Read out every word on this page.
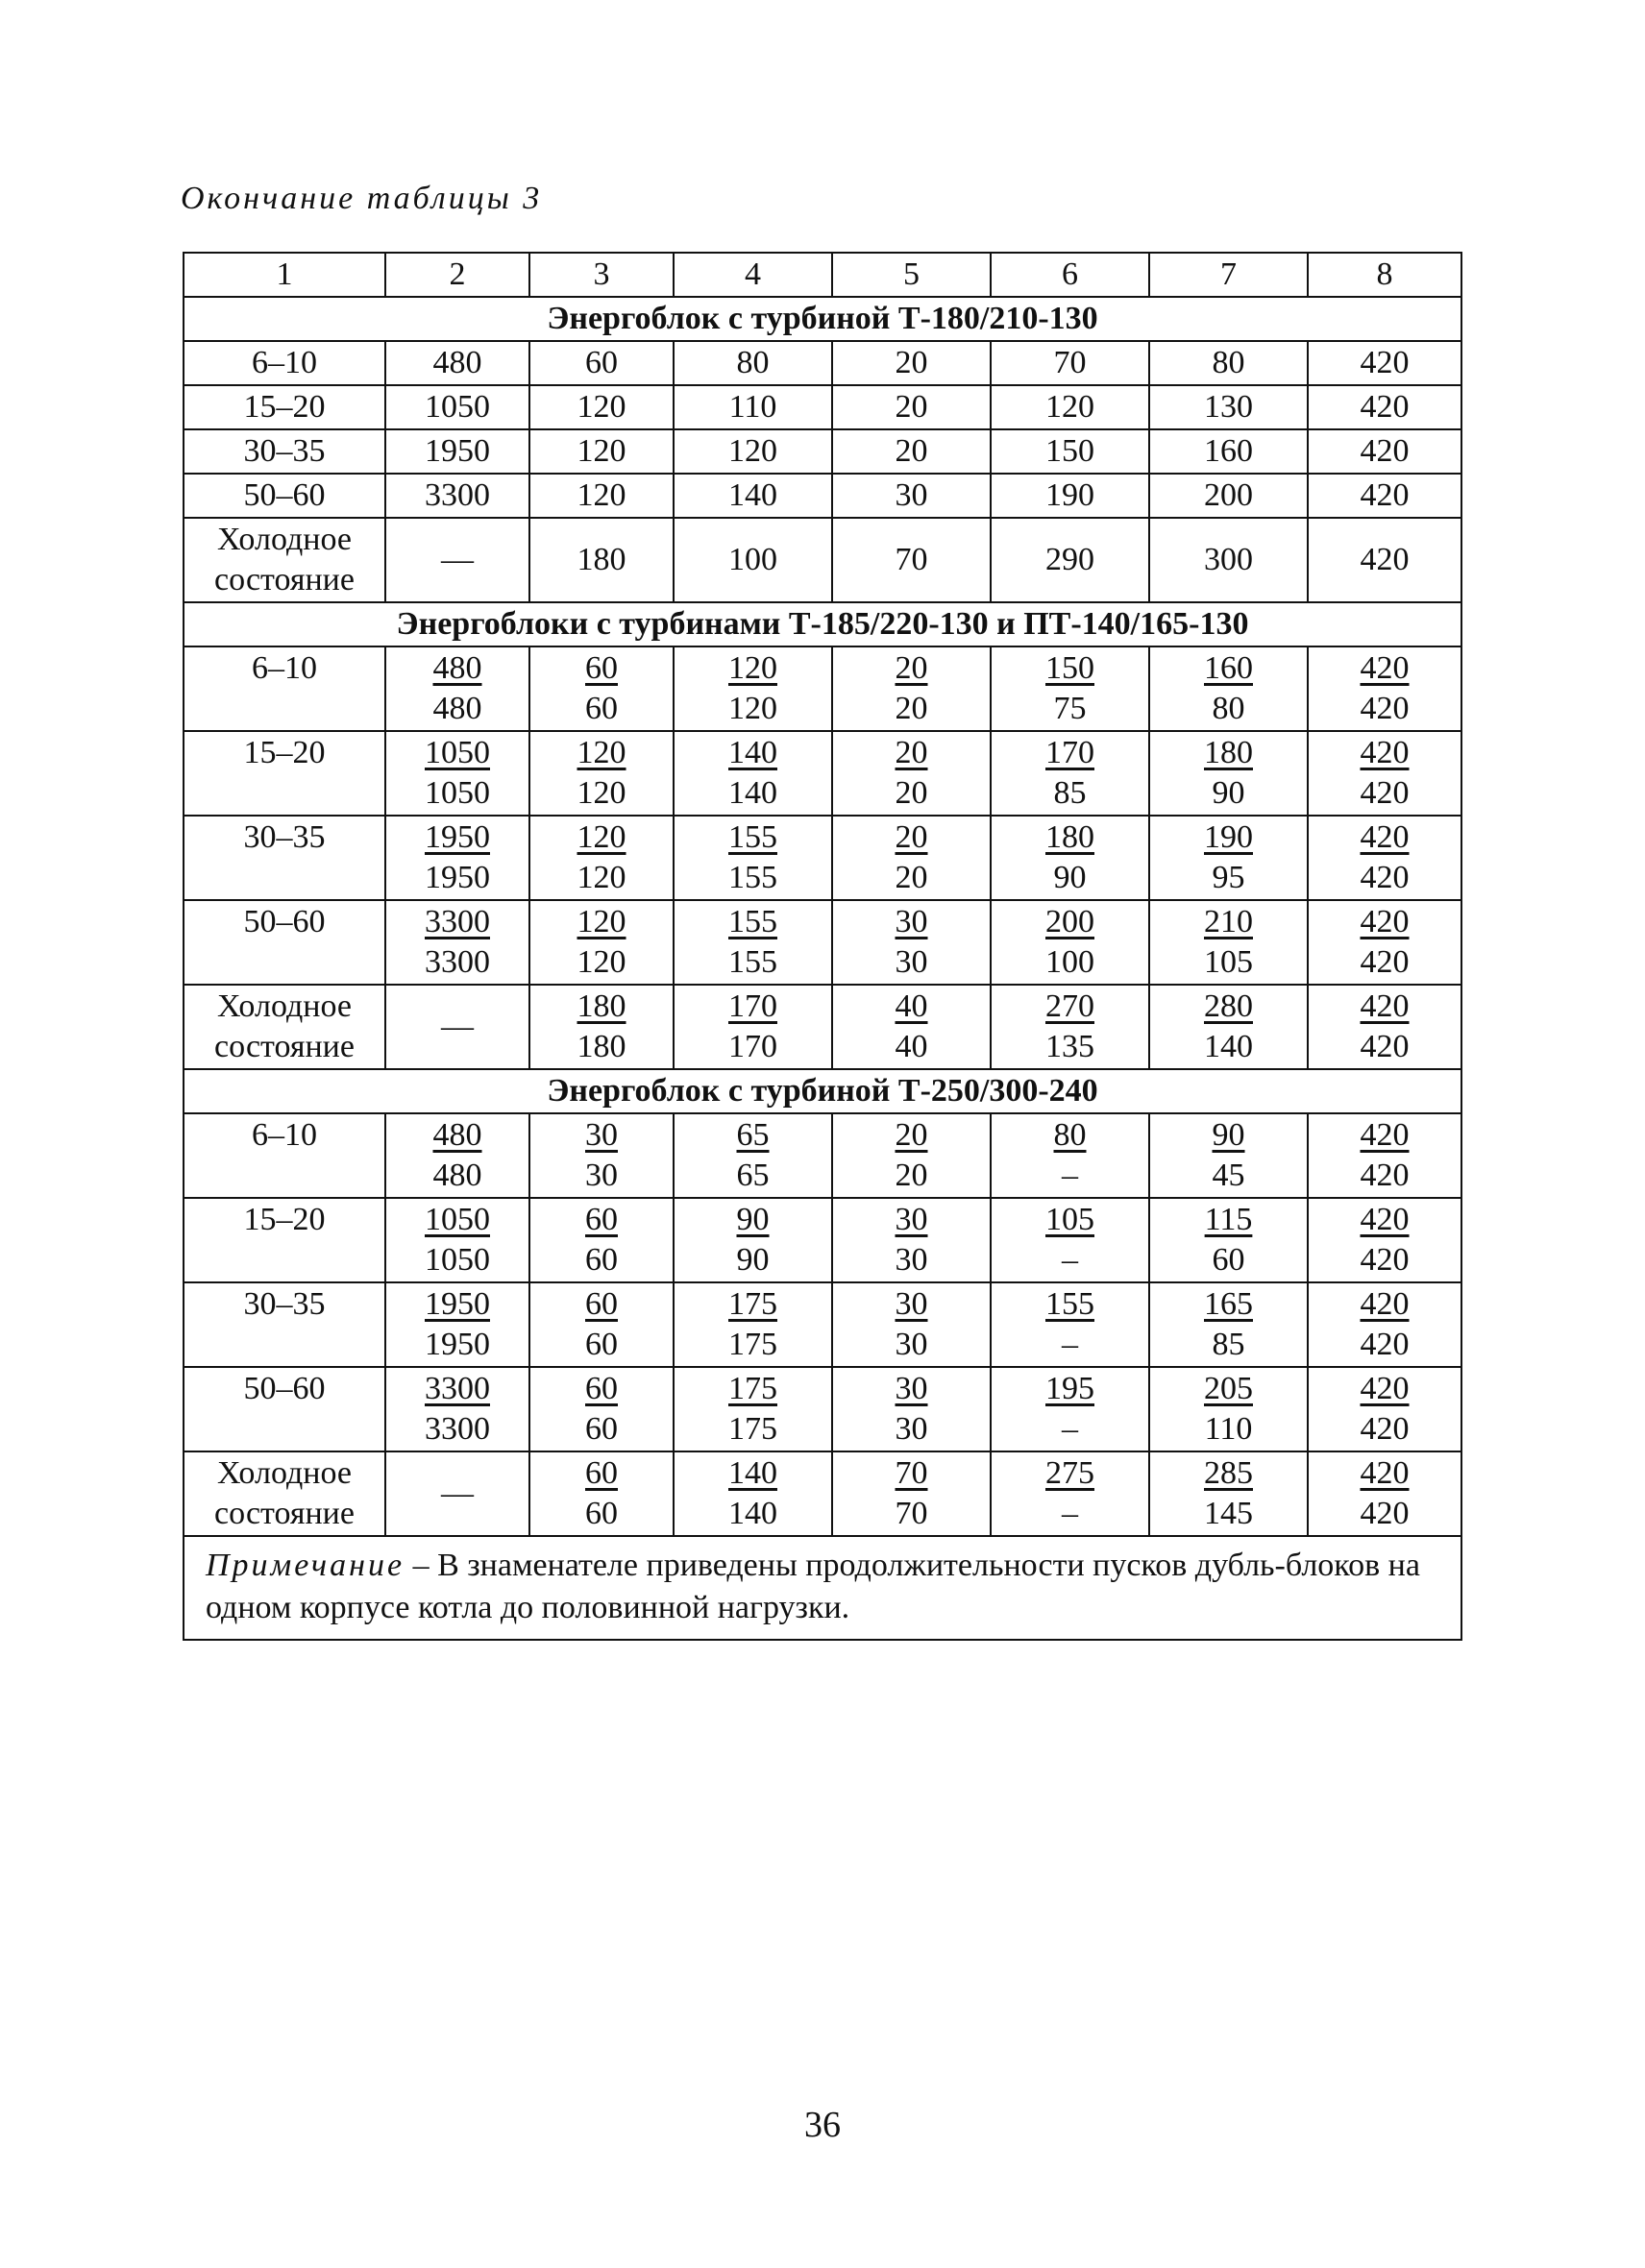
Окончание таблицы 3
1	2	3	4	5	6	7	8
Энергоблок с турбиной Т-180/210-130							
6–10	480	60	80	20	70	80	420
15–20	1050	120	110	20	120	130	420
30–35	1950	120	120	20	150	160	420
50–60	3300	120	140	30	190	200	420
Холодное состояние	—	180	100	70	290	300	420
Энергоблоки с турбинами Т-185/220-130 и ПТ-140/165-130							
6–10	$\frac{480}{480}$	$\frac{60}{60}$	$\frac{120}{120}$	$\frac{20}{20}$	$\frac{150}{75}$	$\frac{160}{80}$	$\frac{420}{420}$

15–20	$\frac{1050}{1050}$	$\frac{120}{120}$	$\frac{140}{140}$	$\frac{20}{20}$	$\frac{170}{85}$	$\frac{180}{90}$	$\frac{420}{420}$

30–35	$\frac{1950}{1950}$	$\frac{120}{120}$	$\frac{155}{155}$	$\frac{20}{20}$	$\frac{180}{90}$	$\frac{190}{95}$	$\frac{420}{420}$

50–60	$\frac{3300}{3300}$	$\frac{120}{120}$	$\frac{155}{155}$	$\frac{30}{30}$	$\frac{200}{100}$	$\frac{210}{105}$	$\frac{420}{420}$

Холодное состояние	—	$\frac{180}{180}$	$\frac{170}{170}$	$\frac{40}{40}$	$\frac{270}{135}$	$\frac{280}{140}$	$\frac{420}{420}$

Энергоблок с турбиной Т-250/300-240							
6–10	$\frac{480}{480}$	$\frac{30}{30}$	$\frac{65}{65}$	$\frac{20}{20}$	$\frac{80}{-}$	$\frac{90}{45}$	$\frac{420}{420}$

15–20	$\frac{1050}{1050}$	$\frac{60}{60}$	$\frac{90}{90}$	$\frac{30}{30}$	$\frac{105}{-}$	$\frac{115}{60}$	$\frac{420}{420}$

30–35	$\frac{1950}{1950}$	$\frac{60}{60}$	$\frac{175}{175}$	$\frac{30}{30}$	$\frac{155}{-}$	$\frac{165}{85}$	$\frac{420}{420}$

50–60	$\frac{3300}{3300}$	$\frac{60}{60}$	$\frac{175}{175}$	$\frac{30}{30}$	$\frac{195}{-}$	$\frac{205}{110}$	$\frac{420}{420}$

Холодное состояние	—	$\frac{60}{60}$	$\frac{140}{140}$	$\frac{70}{70}$	$\frac{275}{-}$	$\frac{285}{145}$	$\frac{420}{420}$

Примечание – В знаменателе приведены продолжительности пусков дубль-блоков на одном корпусе котла до половинной нагрузки.							
36
